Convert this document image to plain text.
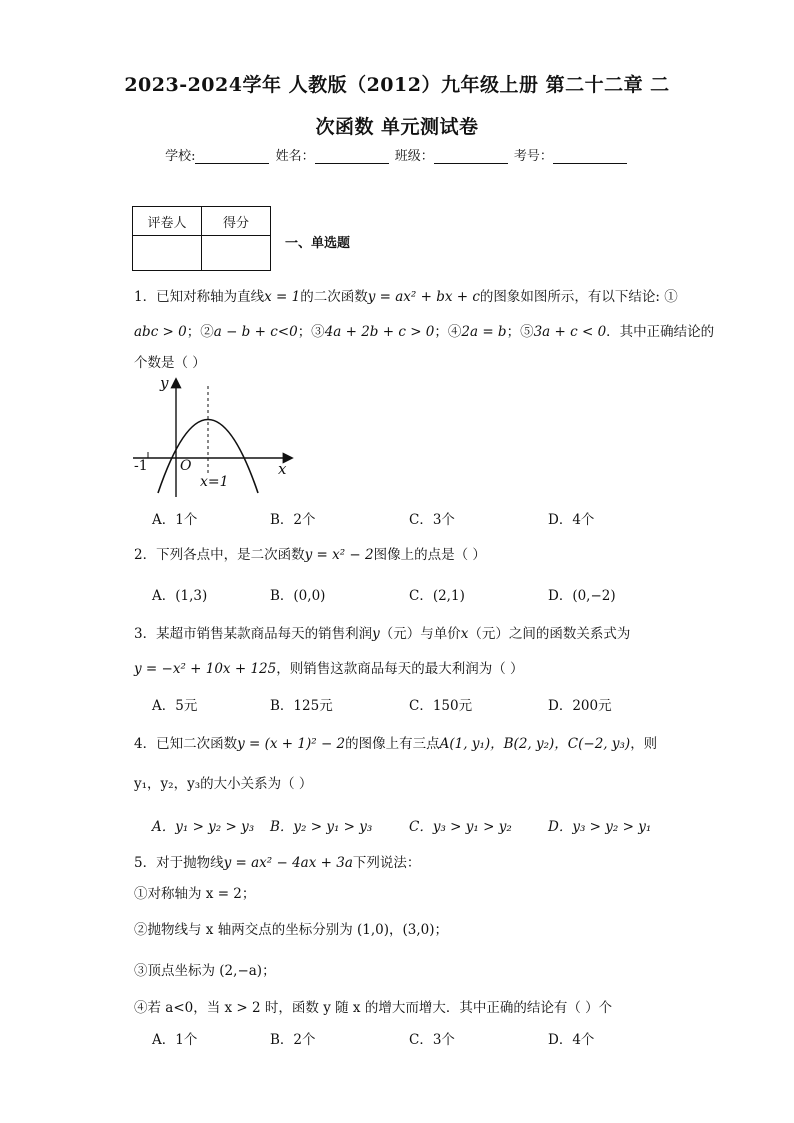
2023-2024学年 人教版（2012）九年级上册 第二十二章 二
次函数 单元测试卷
学校:	姓名：	班级：	考号：
评卷人	得分

一、单选题
1．已知对称轴为直线x = 1的二次函数y = ax² + bx + c的图象如图所示，有以下结论: ①
abc > 0；②a − b + c<0；③4a + 2b + c > 0；④2a = b；⑤3a + c < 0．其中正确结论的
个数是（ ）
y
x
O
-1
x=1
A．1个	B．2个	C．3个	D．4个
2．下列各点中，是二次函数y = x² − 2图像上的点是（ ）
A．(1,3)	B．(0,0)	C．(2,1)	D．(0,−2)
3．某超市销售某款商品每天的销售利润y（元）与单价x（元）之间的函数关系式为
y = −x² + 10x + 125，则销售这款商品每天的最大利润为（ ）
A．5元	B．125元	C．150元	D．200元
4．已知二次函数y = (x + 1)² − 2的图像上有三点A(1, y₁)，B(2, y₂)，C(−2, y₃)，则
y₁，y₂，y₃的大小关系为（ ）
A．y₁ > y₂ > y₃ B．y₂ > y₁ > y₃	C．y₃ > y₁ > y₂	D．y₃ > y₂ > y₁
5．对于抛物线y = ax² − 4ax + 3a下列说法：
①对称轴为 x = 2；
②抛物线与 x 轴两交点的坐标分别为 (1,0)，(3,0)；
③顶点坐标为 (2,−a)；
④若 a<0，当 x > 2 时，函数 y 随 x 的增大而增大．其中正确的结论有（ ）个
A．1个	B．2个	C．3个	D．4个
